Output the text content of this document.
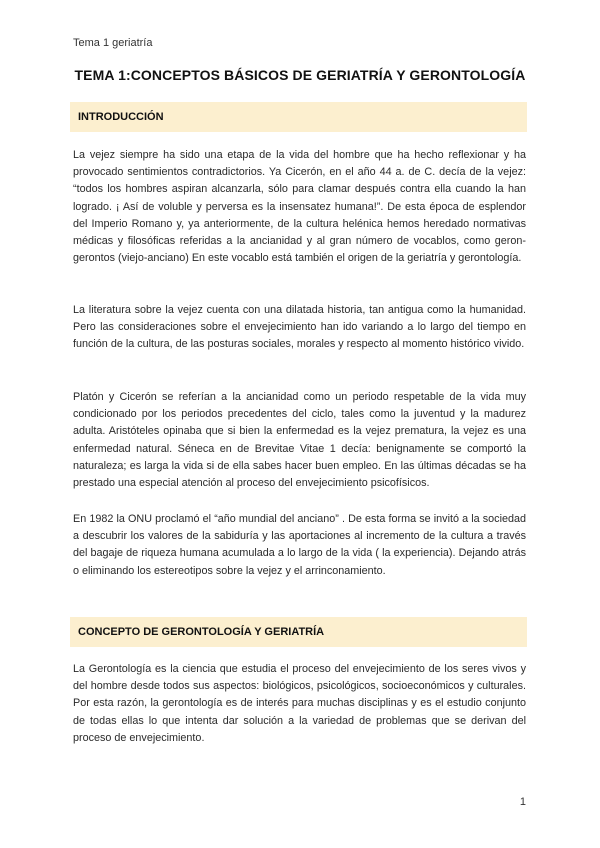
Tema 1 geriatría
TEMA 1:CONCEPTOS BÁSICOS DE GERIATRÍA Y GERONTOLOGÍA
INTRODUCCIÓN

La vejez siempre ha sido una etapa de la vida del hombre que ha hecho reflexionar y ha provocado sentimientos contradictorios. Ya Cicerón, en el año 44 a. de C. decía de la vejez: “todos los hombres aspiran alcanzarla, sólo para clamar después contra ella cuando la han logrado. ¡ Así de voluble y perversa es la insensatez humana!”. De esta época de esplendor del Imperio Romano y, ya anteriormente, de la cultura helénica hemos heredado normativas médicas y filosóficas referidas a la ancianidad y al gran número de vocablos, como geron-gerontos (viejo-anciano) En este vocablo está también el origen de la geriatría y gerontología.

La literatura sobre la vejez cuenta con una dilatada historia, tan antigua como la humanidad. Pero las consideraciones sobre el envejecimiento han ido variando a lo largo del tiempo en función de la cultura, de las posturas sociales, morales y respecto al momento histórico vivido.

Platón y Cicerón se referían a la ancianidad como un periodo respetable de la vida muy condicionado por los periodos precedentes del ciclo, tales como la juventud y la madurez adulta. Aristóteles opinaba que si bien la enfermedad es la vejez prematura, la vejez es una enfermedad natural. Séneca en de Brevitae Vitae 1 decía: benignamente se comportó la naturaleza; es larga la vida si de ella sabes hacer buen empleo. En las últimas décadas se ha prestado una especial atención al proceso del envejecimiento psicofísicos.

En 1982 la ONU proclamó el “año mundial del anciano” . De esta forma se invitó a la sociedad a descubrir los valores de la sabiduría y las aportaciones al incremento de la cultura a través del bagaje de riqueza humana acumulada a lo largo de la vida ( la experiencia). Dejando atrás o eliminando los estereotipos sobre la vejez y el arrinconamiento.

CONCEPTO DE GERONTOLOGÍA Y GERIATRÍA

La Gerontología es la ciencia que estudia el proceso del envejecimiento de los seres vivos y del hombre desde todos sus aspectos: biológicos, psicológicos, socioeconómicos y culturales. Por esta razón, la gerontología es de interés para muchas disciplinas y es el estudio conjunto de todas ellas lo que intenta dar solución a la variedad de problemas que se derivan del proceso de envejecimiento.

1
